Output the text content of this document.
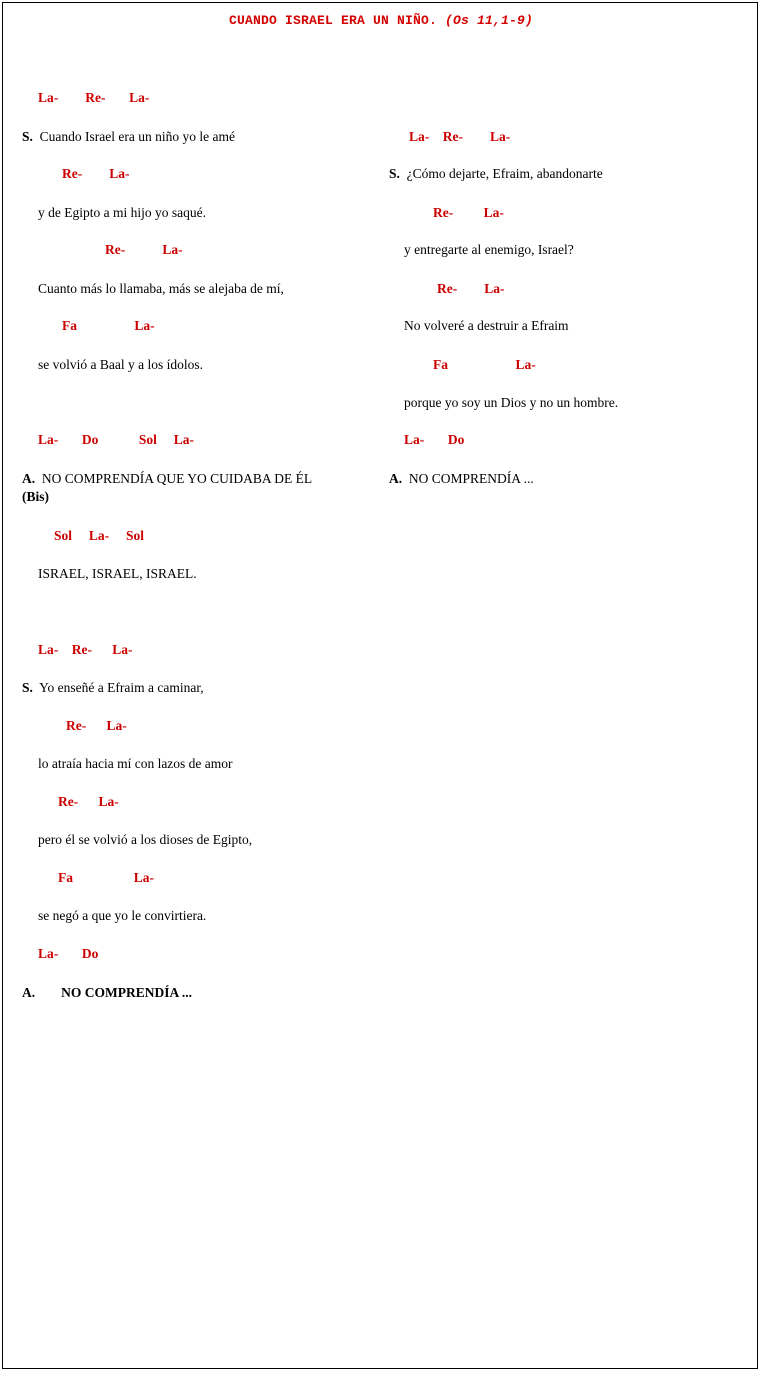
CUANDO ISRAEL ERA UN NIÑO. (Os 11,1-9)
La-        Re-       La-
S. Cuando Israel era un niño yo le amé
Re-        La-
y de Egipto a mi hijo yo saqué.
Re-           La-
Cuanto más lo llamaba, más se alejaba de mí,
Fa                 La-
se volvió a Baal y a los ídolos.
La-       Do            Sol     La-
A. NO COMPRENDÍA QUE YO CUIDABA DE ÉL
(Bis)
Sol     La-     Sol
ISRAEL, ISRAEL, ISRAEL.
La-    Re-      La-
S. Yo enseñé a Efraim a caminar,
Re-      La-
lo atraía hacia mí con lazos de amor
Re-      La-
pero él se volvió a los dioses de Egipto,
Fa                  La-
se negó a que yo le convirtiera.
La-       Do
A. NO COMPRENDÍA ...
La-    Re-        La-
S. ¿Cómo dejarte, Efraim, abandonarte
Re-         La-
y entregarte al enemigo, Israel?
Re-        La-
No volveré a destruir a Efraim
Fa                    La-
porque yo soy un Dios y no un hombre.
La-       Do
A. NO COMPRENDÍA ...
